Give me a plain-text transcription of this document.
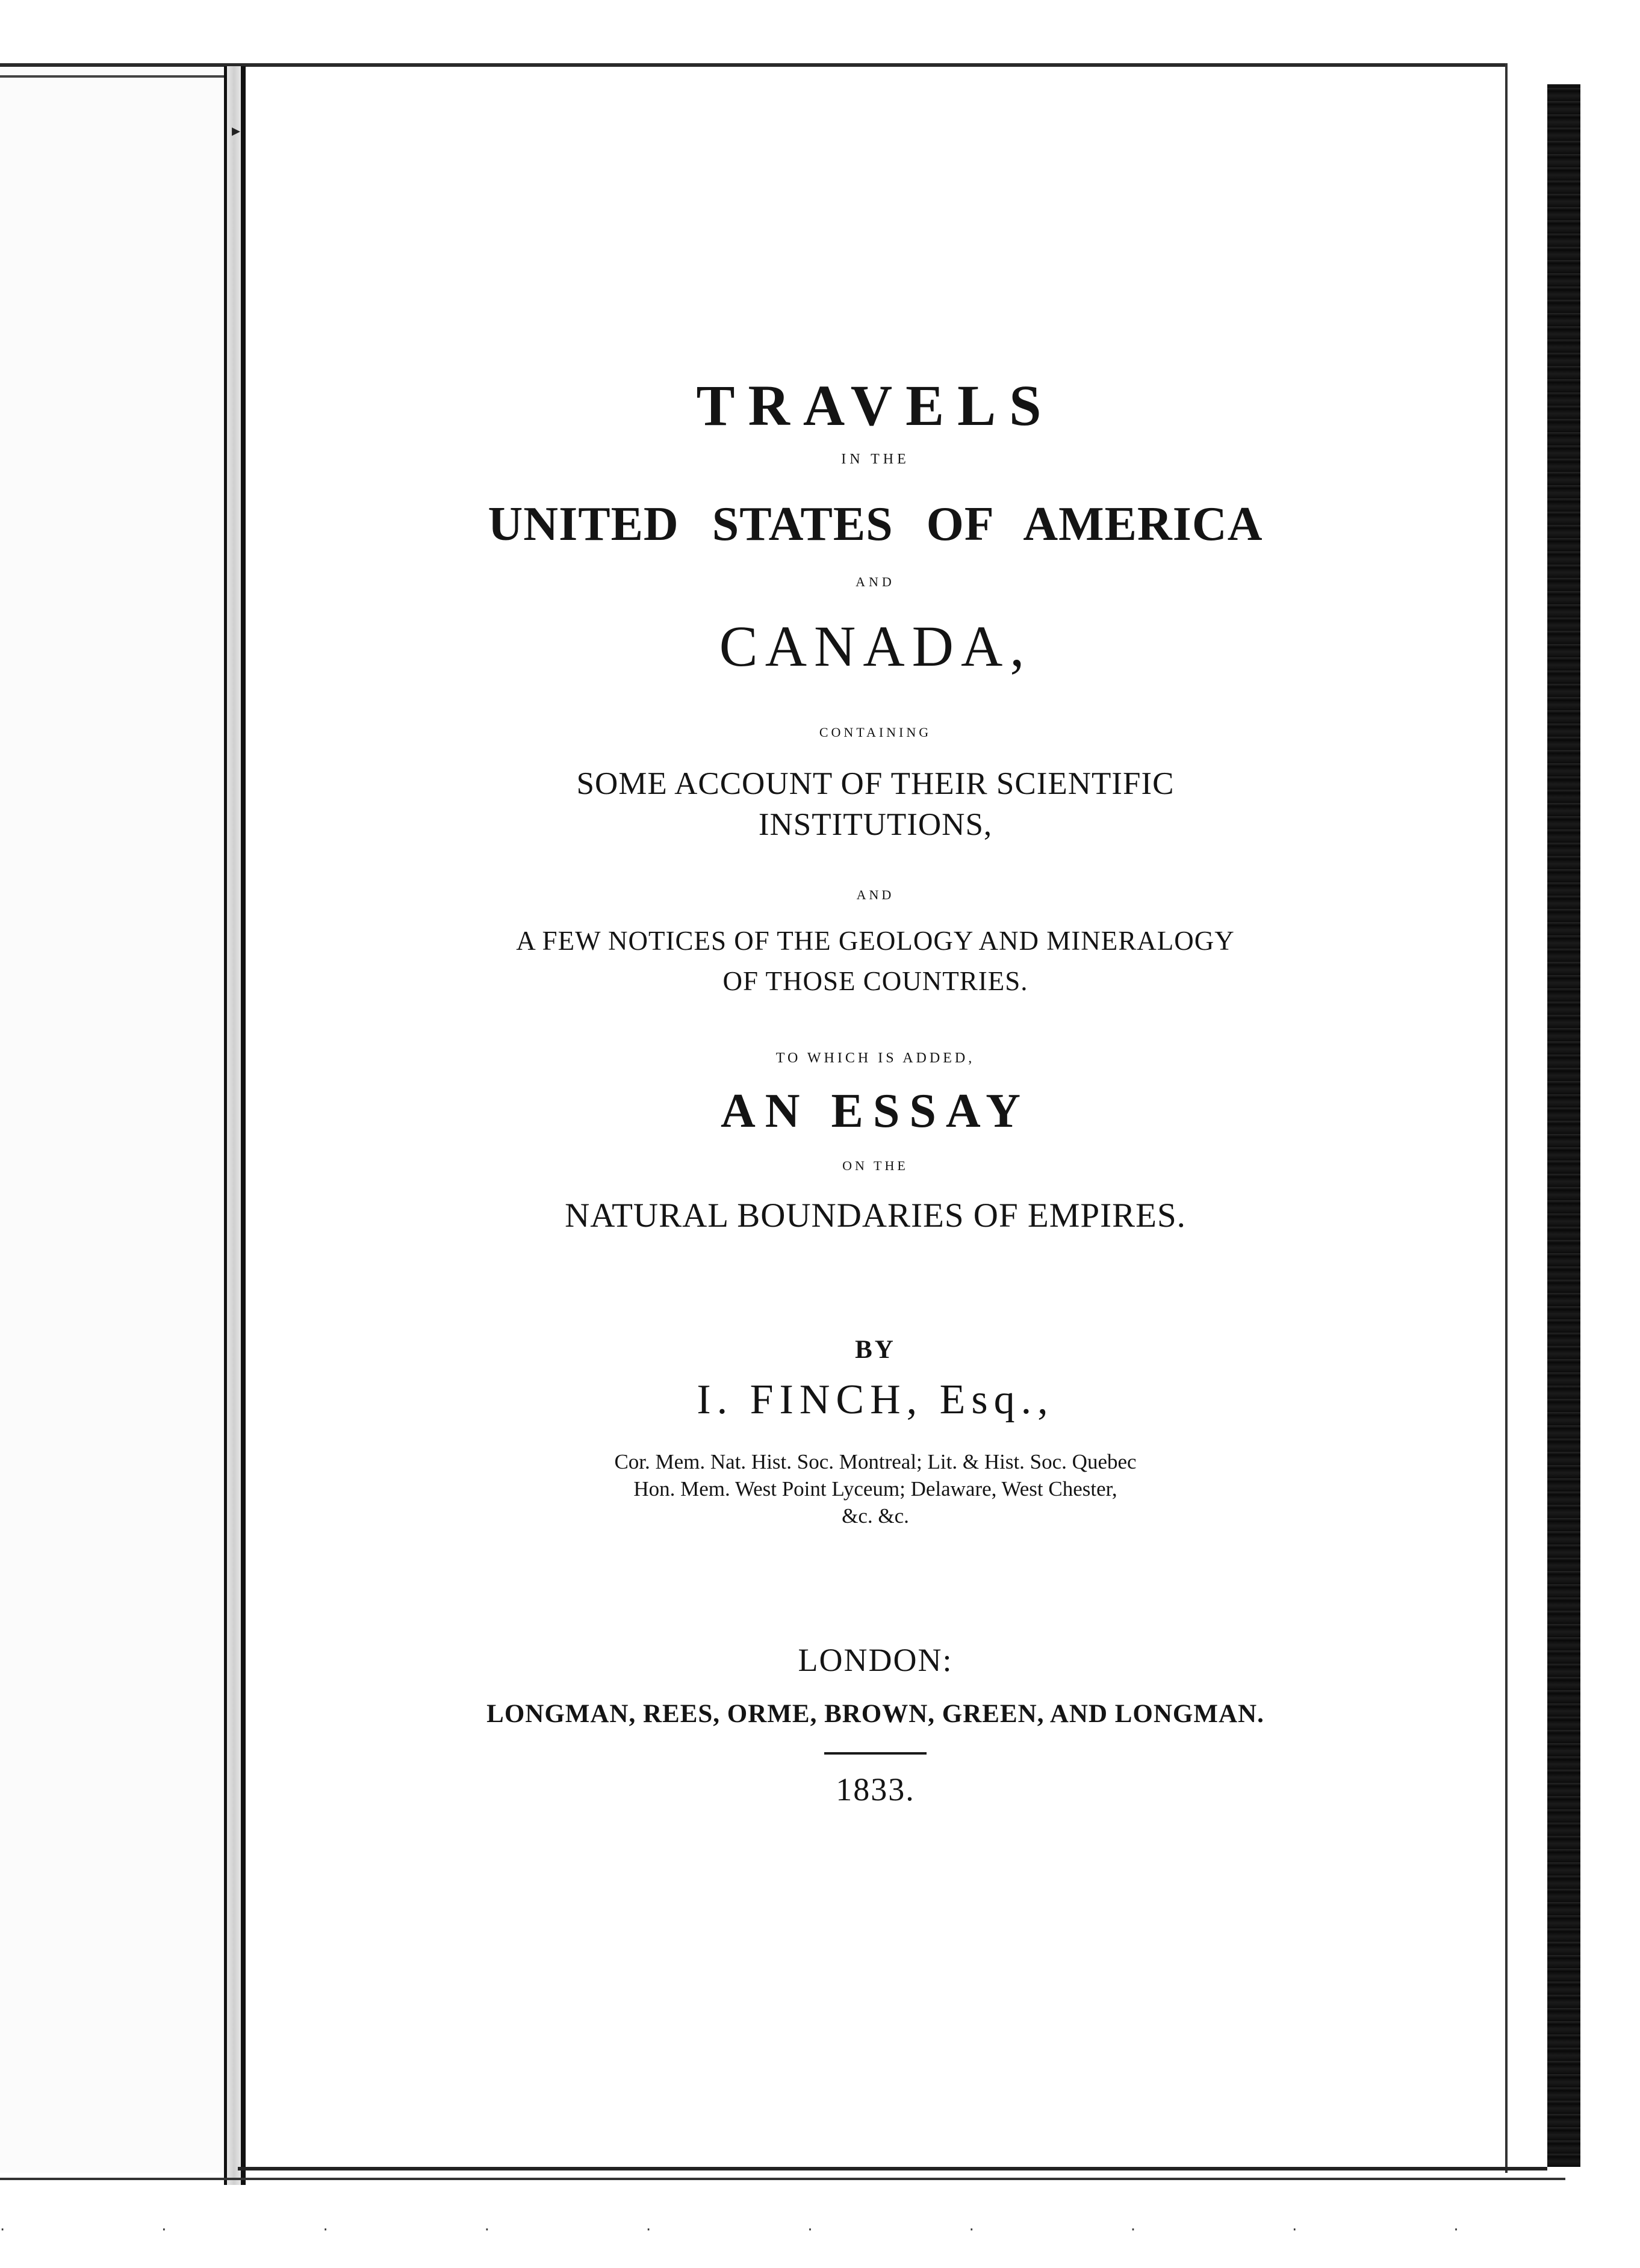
▸
··········
TRAVELS
IN THE
UNITED STATES OF AMERICA
AND
CANADA,
CONTAINING
SOME ACCOUNT OF THEIR SCIENTIFIC
INSTITUTIONS,
AND
A FEW NOTICES OF THE GEOLOGY AND MINERALOGY
OF THOSE COUNTRIES.
TO WHICH IS ADDED,
AN ESSAY
ON THE
NATURAL BOUNDARIES OF EMPIRES.
BY
I. FINCH, Esq.,
Cor. Mem. Nat. Hist. Soc. Montreal; Lit. & Hist. Soc. Quebec
Hon. Mem. West Point Lyceum; Delaware, West Chester,
&c. &c.
LONDON:
LONGMAN, REES, ORME, BROWN, GREEN, AND LONGMAN.
1833.
